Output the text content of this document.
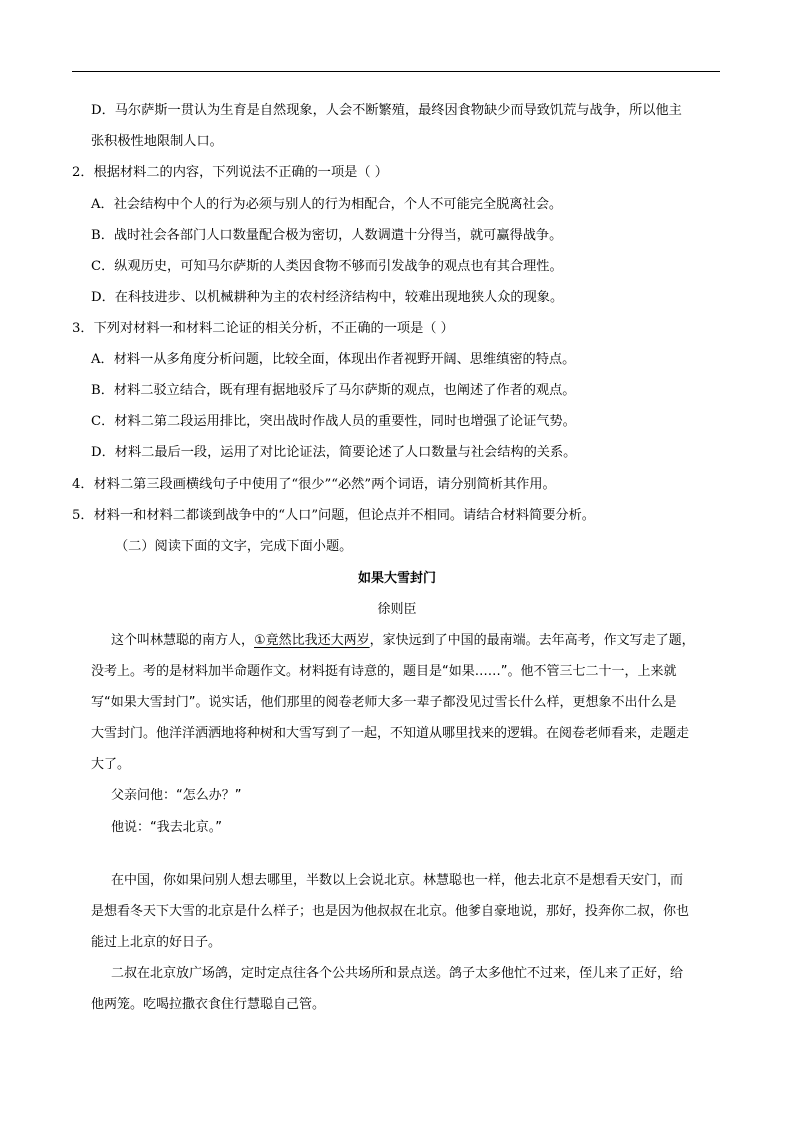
D．马尔萨斯一贯认为生育是自然现象，人会不断繁殖，最终因食物缺少而导致饥荒与战争，所以他主
张积极性地限制人口。
2．根据材料二的内容，下列说法不正确的一项是（ ）
A．社会结构中个人的行为必须与别人的行为相配合，个人不可能完全脱离社会。
B．战时社会各部门人口数量配合极为密切，人数调遣十分得当，就可赢得战争。
C．纵观历史，可知马尔萨斯的人类因食物不够而引发战争的观点也有其合理性。
D．在科技进步、以机械耕种为主的农村经济结构中，较难出现地狭人众的现象。
3．下列对材料一和材料二论证的相关分析，不正确的一项是（ ）
A．材料一从多角度分析问题，比较全面，体现出作者视野开阔、思维缜密的特点。
B．材料二驳立结合，既有理有据地驳斥了马尔萨斯的观点，也阐述了作者的观点。
C．材料二第二段运用排比，突出战时作战人员的重要性，同时也增强了论证气势。
D．材料二最后一段，运用了对比论证法，简要论述了人口数量与社会结构的关系。
4．材料二第三段画横线句子中使用了“很少”“必然”两个词语，请分别简析其作用。
5．材料一和材料二都谈到战争中的“人口”问题，但论点并不相同。请结合材料简要分析。
（二）阅读下面的文字，完成下面小题。
如果大雪封门
徐则臣
这个叫林慧聪的南方人，①竟然比我还大两岁，家快远到了中国的最南端。去年高考，作文写走了题，
没考上。考的是材料加半命题作文。材料挺有诗意的，题目是“如果……”。他不管三七二十一，上来就
写“如果大雪封门”。说实话，他们那里的阅卷老师大多一辈子都没见过雪长什么样，更想象不出什么是
大雪封门。他洋洋洒洒地将种树和大雪写到了一起，不知道从哪里找来的逻辑。在阅卷老师看来，走题走
大了。
父亲问他：“怎么办？”
他说：“我去北京。”
在中国，你如果问别人想去哪里，半数以上会说北京。林慧聪也一样，他去北京不是想看天安门，而
是想看冬天下大雪的北京是什么样子；也是因为他叔叔在北京。他爹自豪地说，那好，投奔你二叔，你也
能过上北京的好日子。
二叔在北京放广场鸽，定时定点往各个公共场所和景点送。鸽子太多他忙不过来，侄儿来了正好，给
他两笼。吃喝拉撒衣食住行慧聪自己管。
